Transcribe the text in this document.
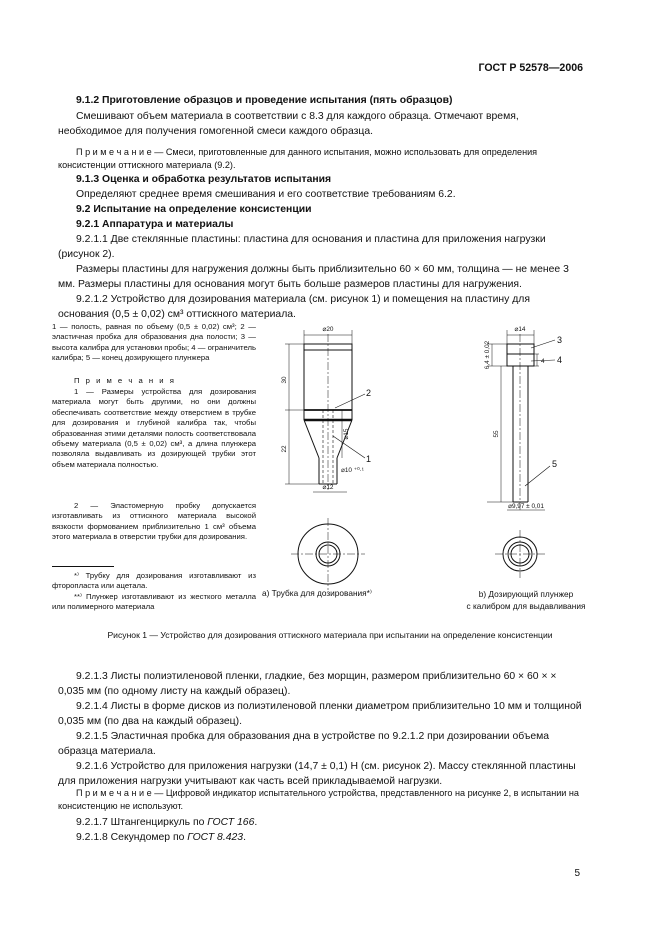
ГОСТ Р 52578—2006
9.1.2 Приготовление образцов и проведение испытания (пять образцов)
Смешивают объем материала в соответствии с 8.3 для каждого образца. Отмечают время, необходимое для получения гомогенной смеси каждого образца.
П р и м е ч а н и е — Смеси, приготовленные для данного испытания, можно использовать для определения консистенции оттискного материала (9.2).
9.1.3 Оценка и обработка результатов испытания
Определяют среднее время смешивания и его соответствие требованиям 6.2.
9.2 Испытание на определение консистенции
9.2.1 Аппаратура и материалы
9.2.1.1 Две стеклянные пластины: пластина для основания и пластина для приложения нагрузки (рисунок 2).
Размеры пластины для нагружения должны быть приблизительно 60 × 60 мм, толщина — не менее 3 мм. Размеры пластины для основания могут быть больше размеров пластины для нагружения.
9.2.1.2 Устройство для дозирования материала (см. рисунок 1) и помещения на пластину для основания (0,5 ± 0,02) см³ оттискного материала.
1 — полость, равная по объему (0,5 ± 0,02) см³; 2 — эластичная пробка для образования дна полости; 3 — высота калибра для установки пробы; 4 — ограничитель калибра; 5 — конец дозирующего плунжера
П р и м е ч а н и я
1 — Размеры устройства для дозирования материала могут быть другими, но они должны обеспечивать соответствие между отверстием в трубке для дозирования и глубиной калибра так, чтобы образованная этими деталями полость соответствовала объему материала (0,5 ± 0,02) см³, а длина плунжера позволяла выдавливать из дозирующей трубки этот объем материала полностью.
2 — Эластомерную пробку допускается изготавливать из оттискного материала высокой вязкости формованием приблизительно 1 см³ объема этого материала в отверстии трубки для дозирования.
*⁾ Трубку для дозирования изготавливают из фторопласта или ацетала.
**⁾ Плунжер изготавливают из жесткого металла или полимерного материала
⌀20
30
22
⌀15
⌀10 ⁺⁰·¹
⌀12
⌀14
6,4 ± 0,02	4
55
⌀9,97 ± 0,01
2
1
3
4
5
а) Трубка для дозирования*⁾	b) Дозирующий плунжер
с калибром для выдавливания
Рисунок 1 — Устройство для дозирования оттискного материала при испытании на определение консистенции
9.2.1.3 Листы полиэтиленовой пленки, гладкие, без морщин, размером приблизительно 60 × 60 × × 0,035 мм (по одному листу на каждый образец).
9.2.1.4 Листы в форме дисков из полиэтиленовой пленки диаметром приблизительно 10 мм и толщиной 0,035 мм (по два на каждый образец).
9.2.1.5 Эластичная пробка для образования дна в устройстве по 9.2.1.2 при дозировании объема образца материала.
9.2.1.6 Устройство для приложения нагрузки (14,7 ± 0,1) Н (см. рисунок 2). Массу стеклянной пластины для приложения нагрузки учитывают как часть всей прикладываемой нагрузки.
П р и м е ч а н и е — Цифровой индикатор испытательного устройства, представленного на рисунке 2, в испытании на консистенцию не используют.
9.2.1.7 Штангенциркуль по ГОСТ 166.
9.2.1.8 Секундомер по ГОСТ 8.423.
5
